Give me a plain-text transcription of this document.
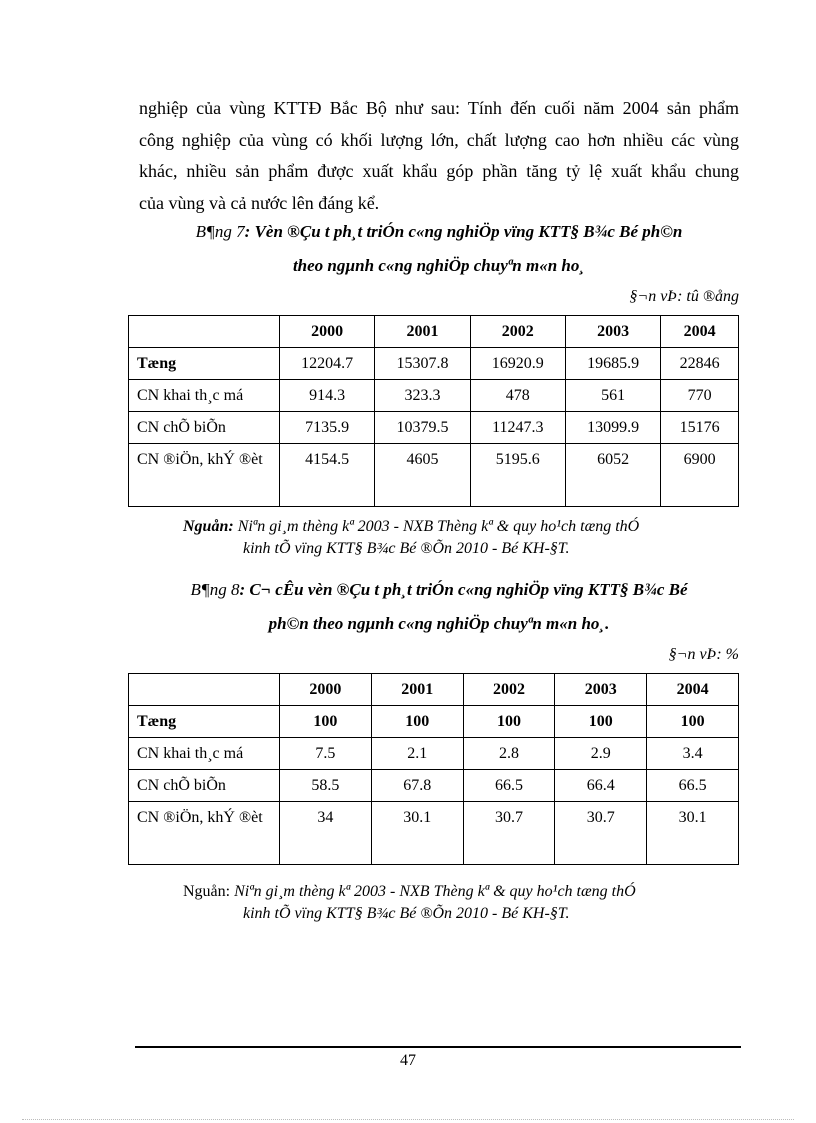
nghiệp của vùng KTTĐ Bắc Bộ như sau: Tính đến cuối năm 2004 sản phẩm
công nghiệp của vùng có khối lượng lớn, chất lượng cao hơn nhiều các vùng
khác, nhiều sản phẩm được xuất khẩu góp phần tăng tỷ lệ xuất khẩu chung
của vùng và cả nước lên đáng kể.
B¶ng 7: Vèn ®Çu t ph¸t triÓn c«ng nghiÖp vïng KTT§ B¾c Bé ph©n
theo ngµnh c«ng nghiÖp chuyªn m«n ho¸
§¬n vÞ: tû ®ång
	2000	2001	2002	2003	2004
Tæng	12204.7	15307.8	16920.9	19685.9	22846
CN khai th¸c má	914.3	323.3	478	561	770
CN chÕ biÕn	7135.9	10379.5	11247.3	13099.9	15176
CN ®iÖn, khÝ ®èt	4154.5	4605	5195.6	6052	6900
Nguån: Niªn gi¸m thèng kª 2003 - NXB Thèng kª & quy ho¹ch tæng thÓ
kinh tÕ vïng KTT§ B¾c Bé ®Õn 2010 - Bé KH-§T.
B¶ng 8: C¬ cÊu vèn ®Çu t ph¸t triÓn c«ng nghiÖp vïng KTT§ B¾c Bé
ph©n theo ngµnh c«ng nghiÖp chuyªn m«n ho¸.
§¬n vÞ: %
	2000	2001	2002	2003	2004
Tæng	100	100	100	100	100
CN khai th¸c má	7.5	2.1	2.8	2.9	3.4
CN chÕ biÕn	58.5	67.8	66.5	66.4	66.5
CN ®iÖn, khÝ ®èt	34	30.1	30.7	30.7	30.1
Nguån: Niªn gi¸m thèng kª 2003 - NXB Thèng kª & quy ho¹ch tæng thÓ
kinh tÕ vïng KTT§ B¾c Bé ®Õn 2010 - Bé KH-§T.
47
